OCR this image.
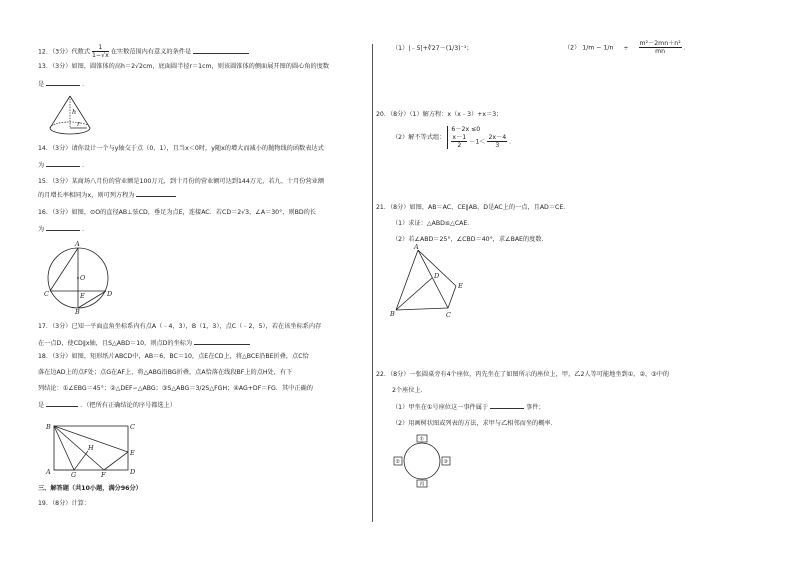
12．（3分）代数式 $\frac{1}{1-√x}$ 在实数范围内有意义的条件是
13．（3分）如图，圆锥体的高h＝2√2cm，底面圆半径r＝1cm，则该圆锥体的侧面展开图的圆心角的度数
是	．
h
r
14．（3分）请你设计一个与y轴交于点（0，1），且当x＜0时，y随x的增大而减小的抛物线的函数表达式
为	．
15．（3分）某商场八月份的营业额是100万元，到十月份的营业额可达到144万元，若九、十月份营业额
的月增长率相同为x，则可列方程为
16．（3分）如图，⊙O的直径AB⊥弦CD，垂足为点E，连接AC．若CD＝2√3，∠A＝30°，则BD的长
为	．
A
O
C	D
E
B
17．（3分）已知一平面直角坐标系内有点A（﹣4，3），B（1，3），点C（﹣2，5），若在该坐标系内存
在一点D，使CD∥x轴，且S△ABD＝10，则点D的坐标为
18．（3分）如图，矩形纸片ABCD中，AB＝6，BC＝10，点E在CD上，将△BCE沿BE折叠，点C恰
落在边AD上的点F处；点G在AF上，将△ABG沿BG折叠，点A恰落在线段BF上的点H处，有下
列结论：①∠EBG＝45°；②△DEF∽△ABG；③S△ABG＝3/2S△FGH；④AG+DF＝FG．其中正确的
是	．（把所有正确结论的序号都选上）
B	C
H
E
A	G	F	D
三、解答题（共10小题，满分96分）
19．（8分）计算：
（1）|﹣5|+∛27－(1/3)⁻¹；	（2） $1/m - 1/n \div \frac{\text{m²－2mn＋n²}}{mn}$ ．
20．（8分）（1）解方程：x（x﹣3）+x＝3；
（2）解不等式组：
6－2x ≤0
$\frac{x-1}{2} -1< \frac{2x-4}{3}$ ．
21．（8分）如图，AB＝AC，CE∥AB，D是AC上的一点，且AD＝CE．
（1）求证：△ABD≌△CAE．
（2）若∠ABD＝25°，∠CBD＝40°，求∠BAE的度数．
A
D
E
B	C
22．（8分）一张圆桌旁有4个座位，丙先坐在了如图所示的座位上，甲，乙2人等可能地坐到①、②、③中的
2个座位上．
（1）甲坐在①号座位这一事件属于	事件；
（2）用画树状图或列表的方法，求甲与乙相邻而坐的概率．
①
②	③
丙
